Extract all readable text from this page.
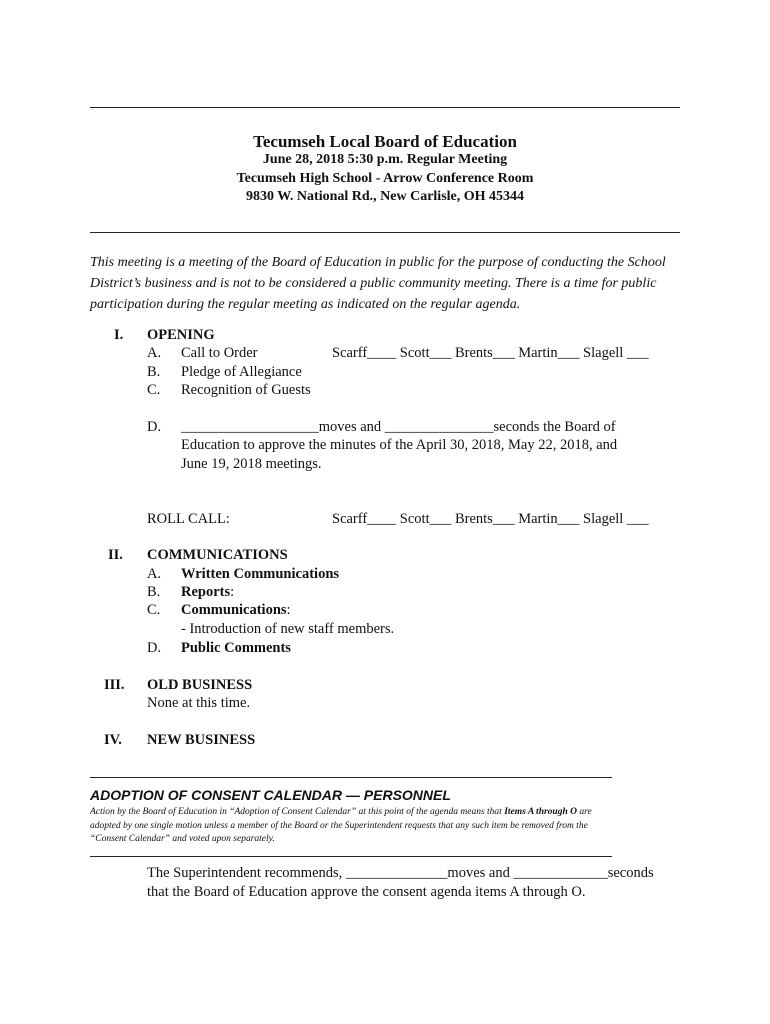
Tecumseh Local Board of Education
June 28, 2018 5:30 p.m. Regular Meeting
Tecumseh High School - Arrow Conference Room
9830 W. National Rd., New Carlisle, OH 45344
This meeting is a meeting of the Board of Education in public for the purpose of conducting the School District’s business and is not to be considered a public community meeting. There is a time for public participation during the regular meeting as indicated on the regular agenda.
I. OPENING
A. Call to Order	Scarff____ Scott___ Brents___ Martin___ Slagell ___
B. Pledge of Allegiance
C. Recognition of Guests
D. ___________________moves and _______________seconds the Board of
Education to approve the minutes of the April 30, 2018, May 22, 2018, and
June 19, 2018 meetings.
ROLL CALL:	Scarff____ Scott___ Brents___ Martin___ Slagell ___
II. COMMUNICATIONS
A. Written Communications
B. Reports:
C. Communications:
- Introduction of new staff members.
D. Public Comments
III. OLD BUSINESS
None at this time.
IV. NEW BUSINESS
ADOPTION OF CONSENT CALENDAR — PERSONNEL
Action by the Board of Education in “Adoption of Consent Calendar” at this point of the agenda means that Items A through O are adopted by one single motion unless a member of the Board or the Superintendent requests that any such item be removed from the “Consent Calendar” and voted upon separately.
The Superintendent recommends, ______________moves and _____________seconds
that the Board of Education approve the consent agenda items A through O.
